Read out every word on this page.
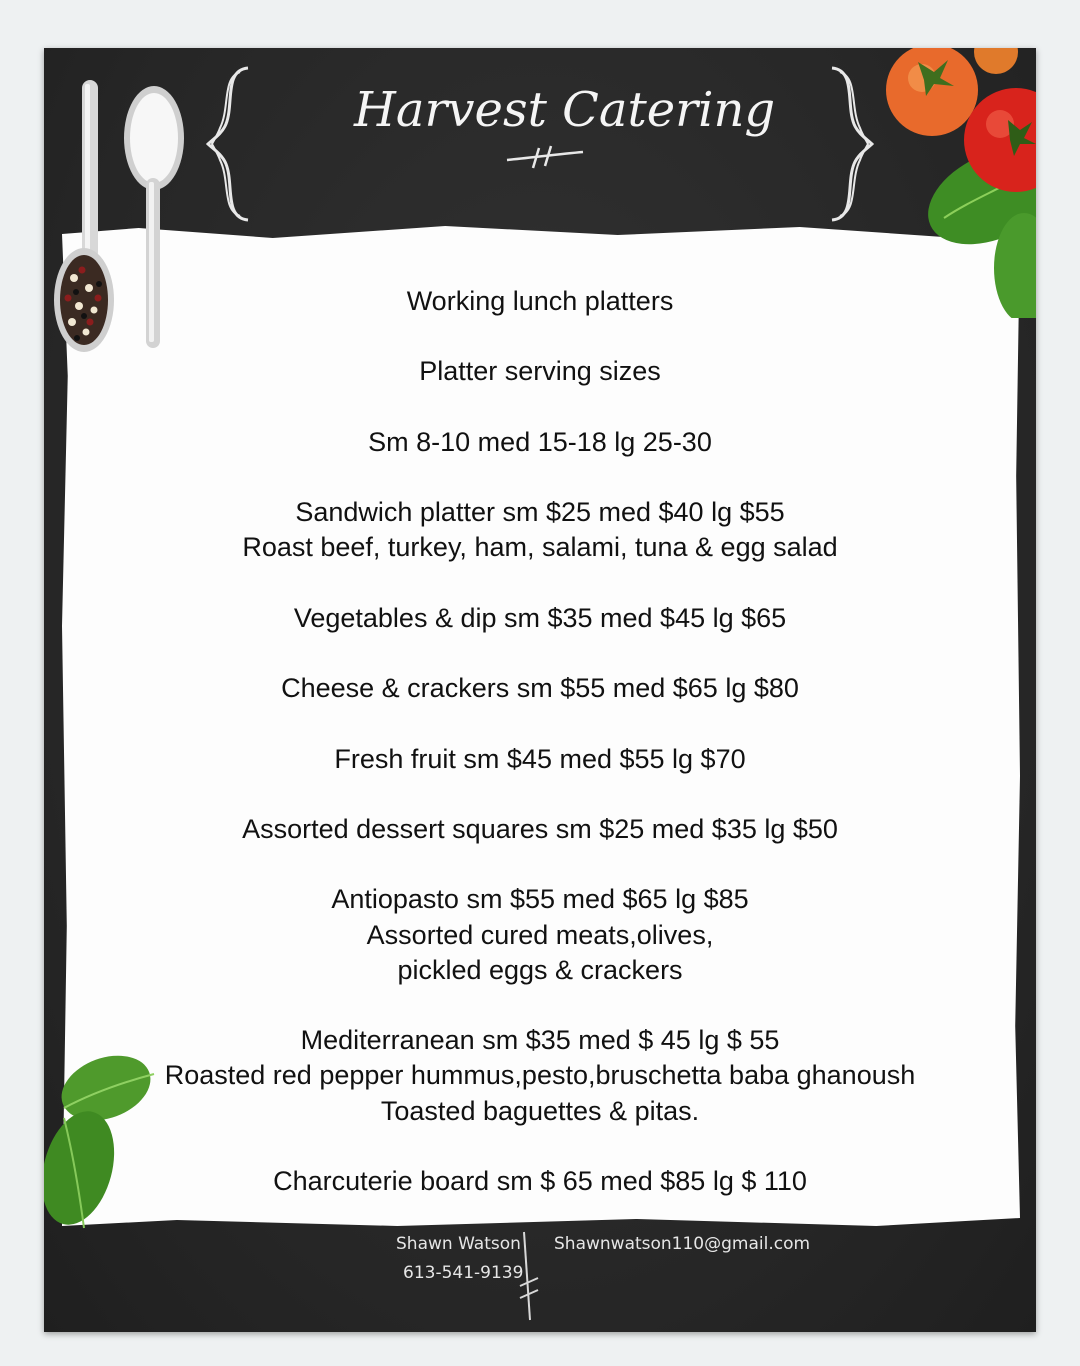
Harvest Catering
Working lunch platters
Platter serving sizes
Sm 8-10 med 15-18 lg 25-30
Sandwich platter sm $25 med $40 lg $55
Roast beef, turkey, ham, salami, tuna & egg salad
Vegetables & dip sm $35 med $45 lg $65
Cheese & crackers sm $55 med $65 lg $80
Fresh fruit sm $45 med $55 lg $70
Assorted dessert squares sm $25 med $35 lg $50
Antiopasto sm $55 med $65 lg $85
Assorted cured meats,olives,
pickled eggs & crackers
Mediterranean sm $35 med $ 45 lg $ 55
Roasted red pepper hummus,pesto,bruschetta baba ghanoush
Toasted baguettes & pitas.
Charcuterie board sm $ 65 med $85 lg $ 110
Shawn Watson
613-541-9139
Shawnwatson110@gmail.com
